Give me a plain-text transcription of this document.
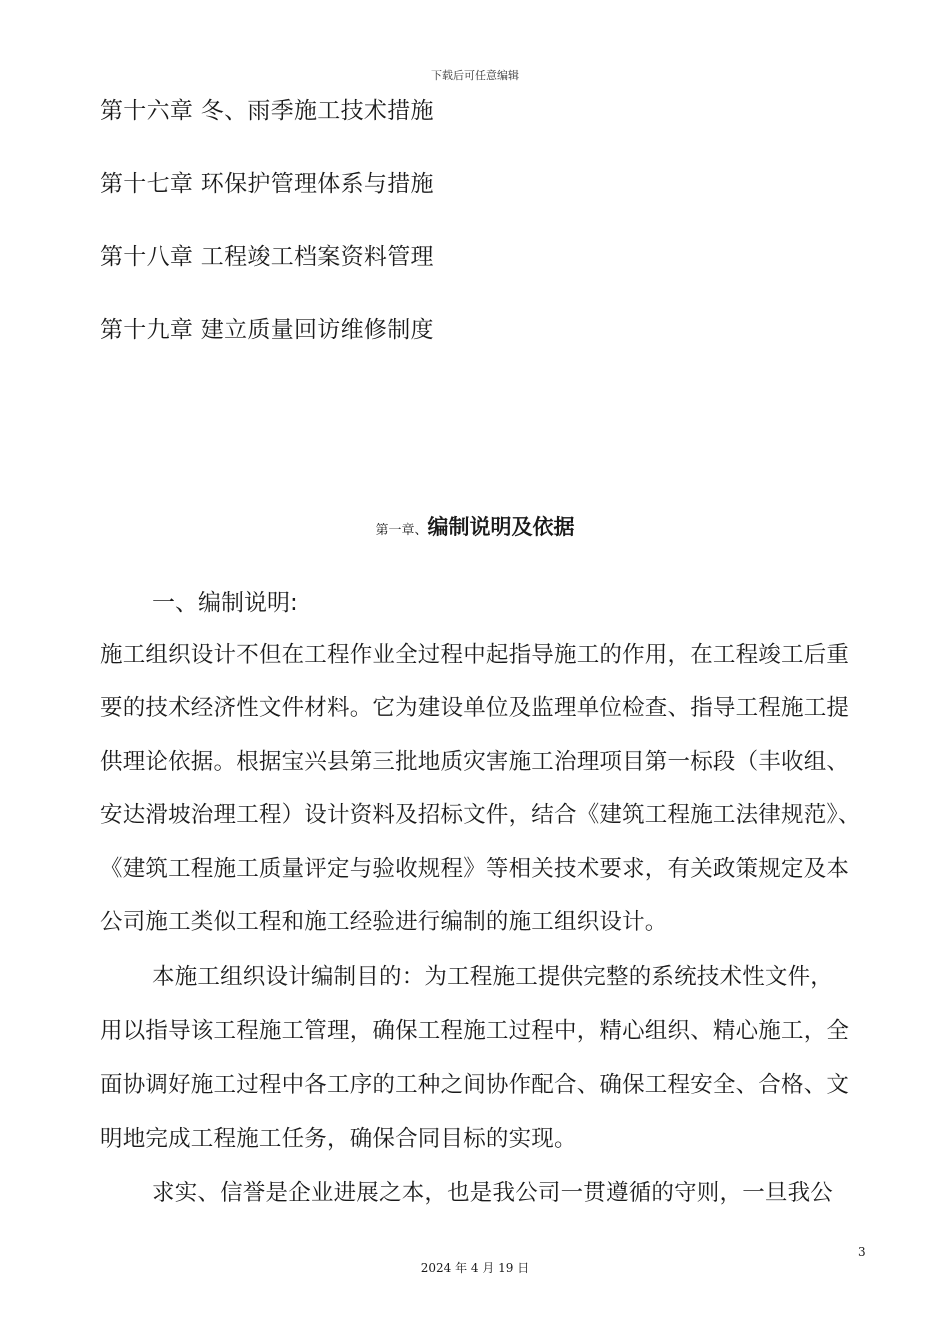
下载后可任意编辑
第十六章 冬、雨季施工技术措施
第十七章 环保护管理体系与措施
第十八章 工程竣工档案资料管理
第十九章 建立质量回访维修制度
第一章、编制说明及依据
一、编制说明:
施工组织设计不但在工程作业全过程中起指导施工的作用，在工程竣工后重
要的技术经济性文件材料。它为建设单位及监理单位检查、指导工程施工提
供理论依据。根据宝兴县第三批地质灾害施工治理项目第一标段（丰收组、
安达滑坡治理工程）设计资料及招标文件，结合《建筑工程施工法律规范》、
《建筑工程施工质量评定与验收规程》等相关技术要求，有关政策规定及本
公司施工类似工程和施工经验进行编制的施工组织设计。
本施工组织设计编制目的：为工程施工提供完整的系统技术性文件，
用以指导该工程施工管理，确保工程施工过程中，精心组织、精心施工，全
面协调好施工过程中各工序的工种之间协作配合、确保工程安全、合格、文
明地完成工程施工任务，确保合同目标的实现。
求实、信誉是企业进展之本，也是我公司一贯遵循的守则，一旦我公
3
2024 年 4 月 19 日
